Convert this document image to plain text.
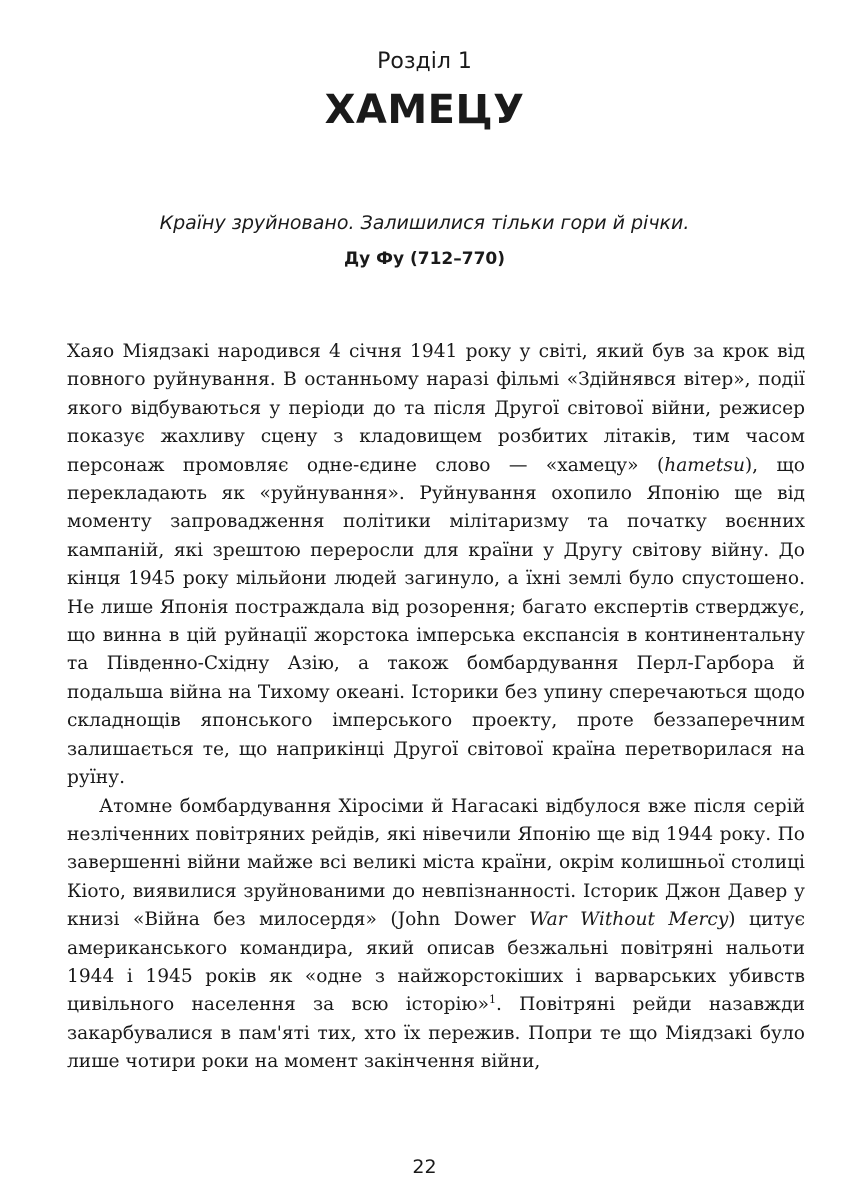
Розділ 1
ХАМЕЦУ

Країну зруйновано. Залишилися тільки гори й річки.

Ду Фу (712–770)

Хаяо Міядзакі народився 4 січня 1941 року у світі, який був за крок від повного руйнування. В останньому наразі фільмі «Здійнявся вітер», події якого відбуваються у періоди до та після Другої світової війни, режисер показує жахливу сцену з кладовищем розбитих літаків, тим часом персонаж промовляє одне-єдине слово — «хамецу» (hametsu), що перекладають як «руйнування». Руйнування охопило Японію ще від моменту запровадження політики мілітаризму та початку воєнних кампаній, які зрештою переросли для країни у Другу світову війну. До кінця 1945 року мільйони людей загинуло, а їхні землі було спустошено. Не лише Японія постраждала від розорення; багато експертів стверджує, що винна в цій руйнації жорстока імперська експансія в континентальну та Південно-Східну Азію, а також бомбардування Перл-Гарбора й подальша війна на Тихому океані. Історики без упину сперечаються щодо складнощів японського імперського проекту, проте беззаперечним залишається те, що наприкінці Другої світової країна перетворилася на руїну.

Атомне бомбардування Хіросіми й Нагасакі відбулося вже після серій незліченних повітряних рейдів, які нівечили Японію ще від 1944 року. По завершенні війни майже всі великі міста країни, окрім колишньої столиці Кіото, виявилися зруйнованими до невпізнанності. Історик Джон Давер у книзі «Війна без милосердя» (John Dower War Without Mercy) цитує американського командира, який описав безжальні повітряні нальоти 1944 і 1945 років як «одне з найжорстокіших і варварських убивств цивільного населення за всю історію»$^1$. Повітряні рейди назавжди закарбувалися в пам'яті тих, хто їх пережив. Попри те що Міядзакі було лише чотири роки на момент закінчення війни,

22
